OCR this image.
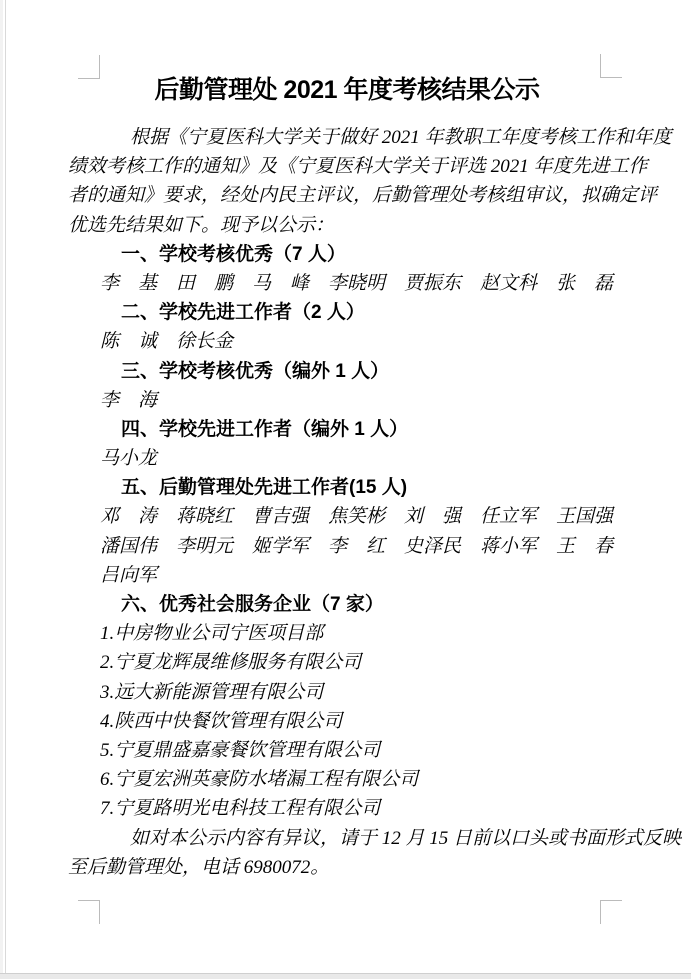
后勤管理处 2021 年度考核结果公示
根据《宁夏医科大学关于做好 2021 年教职工年度考核工作和年度
绩效考核工作的通知》及《宁夏医科大学关于评选 2021 年度先进工作
者的通知》要求，经处内民主评议，后勤管理处考核组审议，拟确定评
优选先结果如下。现予以公示：
一、学校考核优秀（7 人）
李　基　田　鹏　马　峰　李晓明　贾振东　赵文科　张　磊
二、学校先进工作者（2 人）
陈　诚　徐长金
三、学校考核优秀（编外 1 人）
李　海
四、学校先进工作者（编外 1 人）
马小龙
五、后勤管理处先进工作者(15 人)
邓　涛　蒋晓红　曹吉强　焦笑彬　刘　强　任立军　王国强
潘国伟　李明元　姬学军　李　红　史泽民　蒋小军　王　春
吕向军
六、优秀社会服务企业（7 家）
1.中房物业公司宁医项目部
2.宁夏龙辉晟维修服务有限公司
3.远大新能源管理有限公司
4.陕西中快餐饮管理有限公司
5.宁夏鼎盛嘉豪餐饮管理有限公司
6.宁夏宏洲英豪防水堵漏工程有限公司
7.宁夏路明光电科技工程有限公司
如对本公示内容有异议，请于 12 月 15 日前以口头或书面形式反映
至后勤管理处，电话 6980072。
